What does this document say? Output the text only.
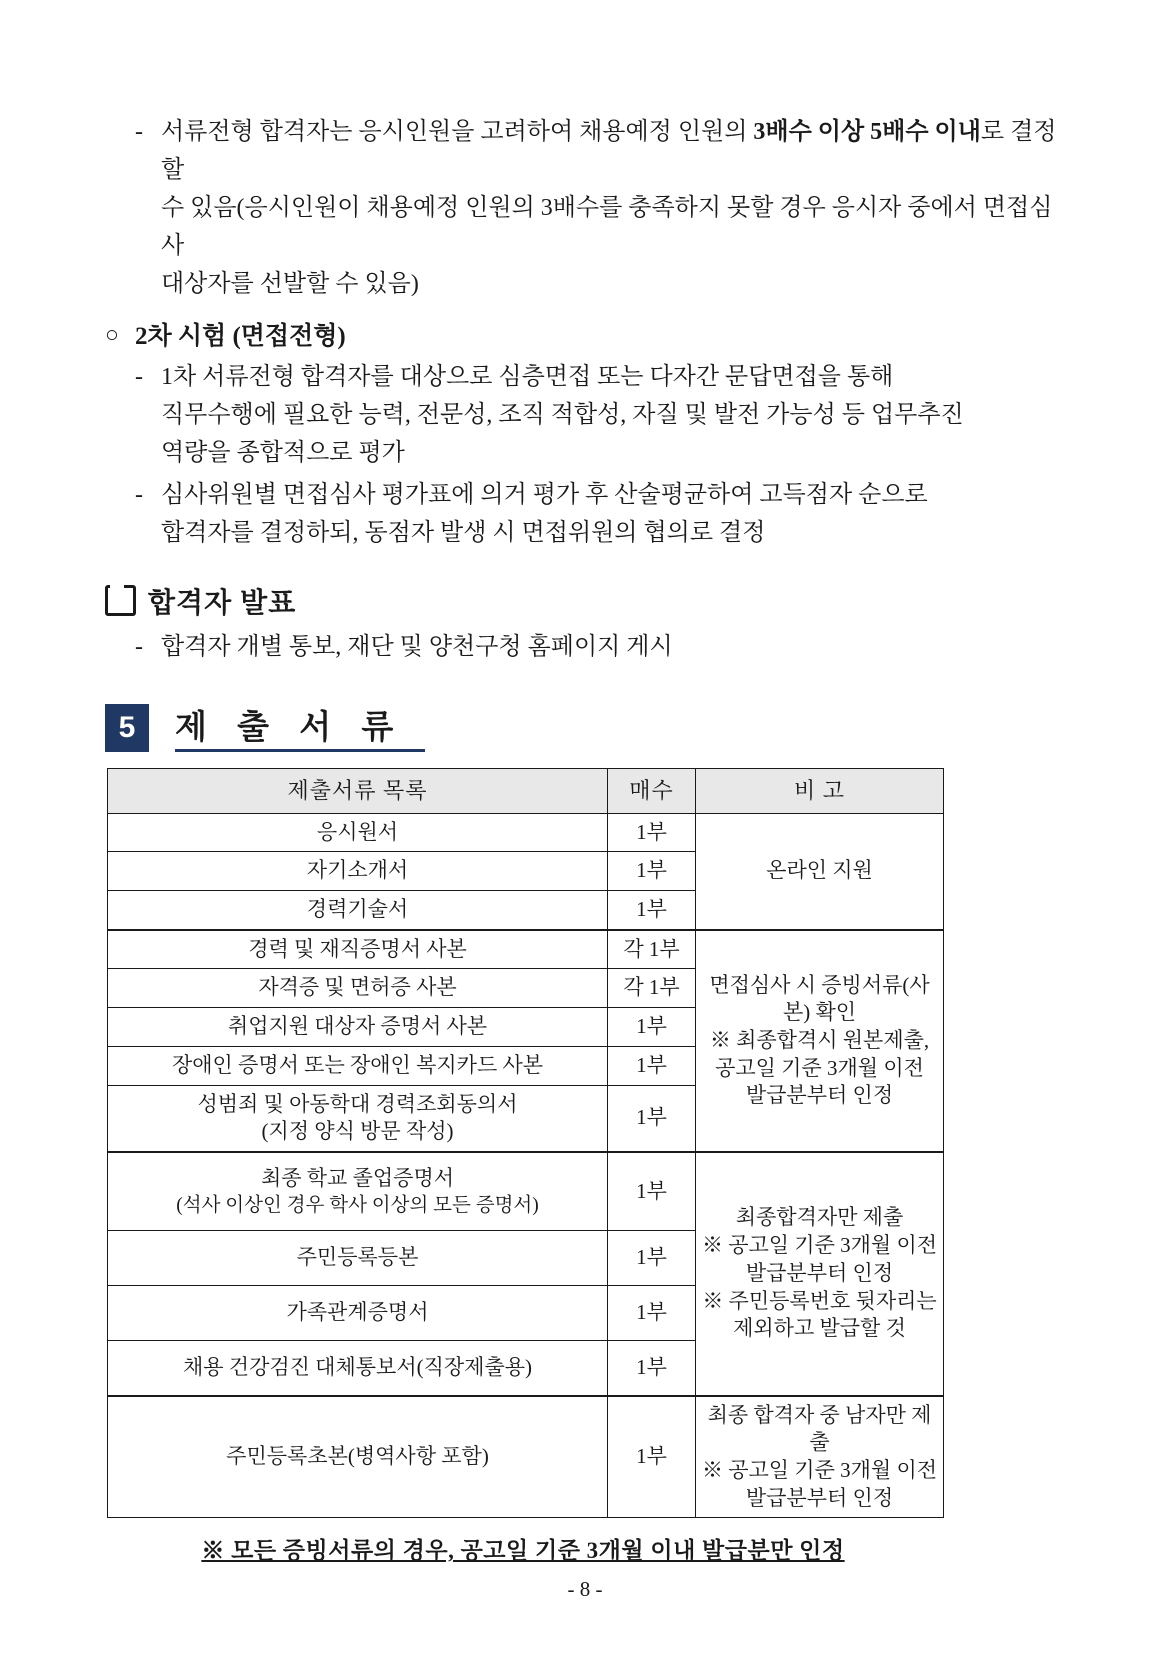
- 서류전형 합격자는 응시인원을 고려하여 채용예정 인원의 3배수 이상 5배수 이내로 결정할
수 있음(응시인원이 채용예정 인원의 3배수를 충족하지 못할 경우 응시자 중에서 면접심사
대상자를 선발할 수 있음)
○ 2차 시험 (면접전형)
- 1차 서류전형 합격자를 대상으로 심층면접 또는 다자간 문답면접을 통해
직무수행에 필요한 능력, 전문성, 조직 적합성, 자질 및 발전 가능성 등 업무추진
역량을 종합적으로 평가
- 심사위원별 면접심사 평가표에 의거 평가 후 산술평균하여 고득점자 순으로
합격자를 결정하되, 동점자 발생 시 면접위원의 협의로 결정
합격자 발표
- 합격자 개별 통보, 재단 및 양천구청 홈페이지 게시
5	제 출 서 류
제출서류 목록	매수	비 고
응시원서	1부	온라인 지원
자기소개서	1부	
경력기술서	1부	
경력 및 재직증명서 사본	각 1부	면접심사 시 증빙서류(사본) 확인
※ 최종합격시 원본제출,
공고일 기준 3개월 이전
발급분부터 인정

자격증 및 면허증 사본	각 1부	
취업지원 대상자 증명서 사본	1부	
장애인 증명서 또는 장애인 복지카드 사본	1부	

성범죄 및 아동학대 경력조회동의서
(지정 양식 방문 작성)	1부	

최종 학교 졸업증명서
(석사 이상인 경우 학사 이상의 모든 증명서)
	1부	
최종합격자만 제출
※ 공고일 기준 3개월 이전
발급분부터 인정
※ 주민등록번호 뒷자리는
제외하고 발급할 것

주민등록등본	1부	
가족관계증명서	1부	
채용 건강검진 대체통보서(직장제출용)	1부	
주민등록초본(병역사항 포함)	1부	최종 합격자 중 남자만 제출
※ 공고일 기준 3개월 이전
발급분부터 인정
※ 모든 증빙서류의 경우, 공고일 기준 3개월 이내 발급분만 인정
- 8 -
